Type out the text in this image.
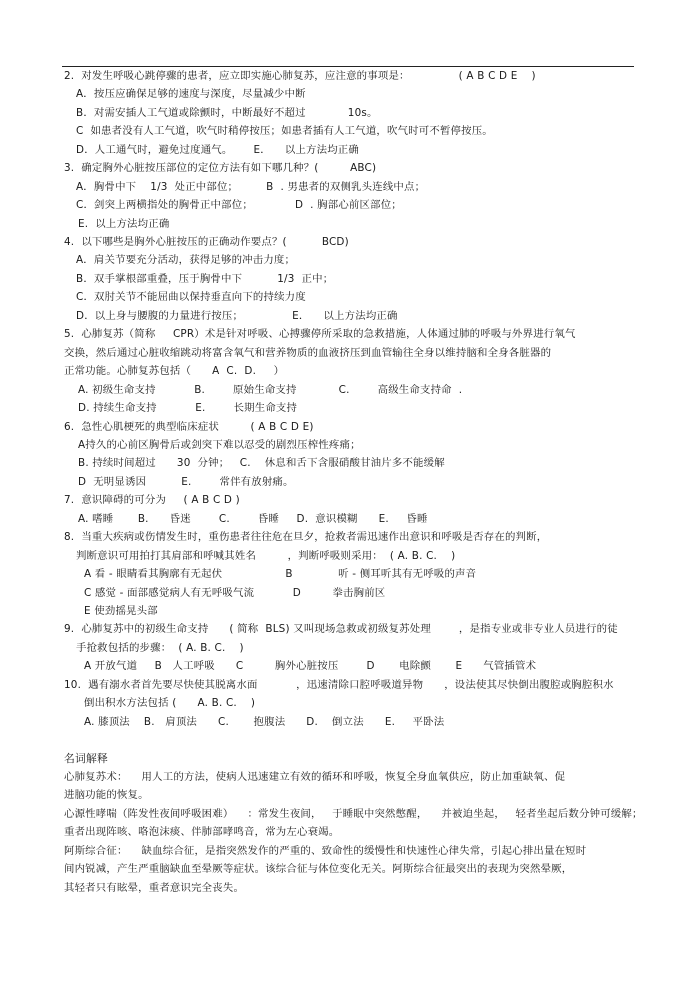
2.  对发生呼吸心跳停骤的患者，应立即实施心肺复苏，应注意的事项是：              ( A B C D E    )
A．按压应确保足够的速度与深度，尽量减少中断
B．对需安插人工气道或除颤时，中断最好不超过            10s。
C  如患者没有人工气道，吹气时稍停按压；如患者插有人工气道，吹气时可不暂停按压。
D．人工通气时，避免过度通气。      E．    以上方法均正确
3.  确定胸外心脏按压部位的定位方法有如下哪几种？(         ABC)
A．胸骨中下    1/3  处正中部位；        B  . 男患者的双侧乳头连线中点；
C．剑突上两横指处的胸骨正中部位；            D  . 胸部心前区部位；
E.  以上方法均正确
4.  以下哪些是胸外心脏按压的正确动作要点？(          BCD)
A．肩关节要充分活动，获得足够的冲击力度；
B．双手掌根部重叠，压于胸骨中下          1/3  正中；
C．双肘关节不能屈曲以保持垂直向下的持续力度
D．以上身与腰腹的力量进行按压；              E．    以上方法均正确
5.  心肺复苏（简称     CPR）术是针对呼吸、心搏骤停所采取的急救措施，人体通过肺的呼吸与外界进行氧气
交换，然后通过心脏收缩跳动将富含氧气和营养物质的血液挤压到血管输往全身以维持脑和全身各脏器的
正常功能。心肺复苏包括（      A  C.  D.     ）
A. 初级生命支持           B.        原始生命支持            C.        高级生命支持命  .
D. 持续生命支持           E.        长期生命支持
6.  急性心肌梗死的典型临床症状         ( A B C D E)
A持久的心前区胸骨后或剑突下难以忍受的剧烈压榨性疼痛；
B. 持续时间超过      30  分钟；   C.    休息和舌下含服硝酸甘油片多不能缓解
D  无明显诱因          E.        常伴有放射痛。
7.  意识障碍的可分为     ( A B C D )
A. 嗜睡       B.      昏迷        C.        昏睡     D.  意识模糊      E.     昏睡
8.  当重大疾病或伤情发生时，重伤患者往往危在旦夕，抢救者需迅速作出意识和呼吸是否存在的判断，
判断意识可用拍打其肩部和呼喊其姓名         ，判断呼吸则采用：  ( A. B. C.    )
A 看 - 眼睛看其胸廓有无起伏                  B             听 - 侧耳听其有无呼吸的声音
C 感觉 - 面部感觉病人有无呼吸气流           D         拳击胸前区
E 使劲摇晃头部
9.  心肺复苏中的初级生命支持      ( 简称  BLS) 又叫现场急救或初级复苏处理        ，是指专业或非专业人员进行的徒
手抢救包括的步骤：  ( A. B. C.    )
A 开放气道     B   人工呼吸      C         胸外心脏按压        D       电除颤       E      气管插管术
10.  遇有溺水者首先要尽快使其脱离水面           ，迅速清除口腔呼吸道异物      ，设法使其尽快倒出腹腔或胸腔积水
倒出积水方法包括 (      A. B. C.    )
A. 膝顶法    B.   肩顶法      C.       抱腹法      D.    倒立法      E.     平卧法
名词解释
心肺复苏术：    用人工的方法，使病人迅速建立有效的循环和呼吸，恢复全身血氧供应，防止加重缺氧、促
进脑功能的恢复。
心源性哮喘（阵发性夜间呼吸困难）    ：常发生夜间，   于睡眠中突然憋醒，    并被迫坐起，   轻者坐起后数分钟可缓解；
重者出现阵咳、咯泡沫痰、伴肺部哮鸣音，常为左心衰竭。
阿斯综合征：    缺血综合征，是指突然发作的严重的、致命性的缓慢性和快速性心律失常，引起心排出量在短时
间内锐减，产生严重脑缺血至晕厥等症状。该综合征与体位变化无关。阿斯综合征最突出的表现为突然晕厥，
其轻者只有眩晕，重者意识完全丧失。
